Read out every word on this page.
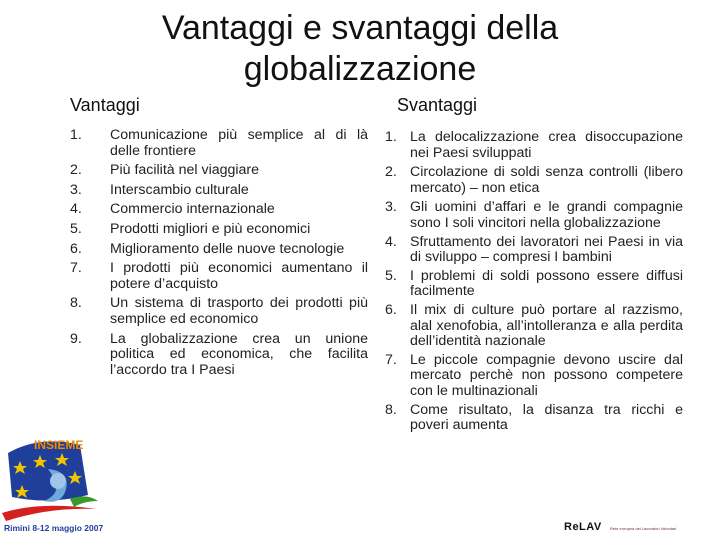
Vantaggi e svantaggi della
globalizzazione
Vantaggi	Svantaggi
1. Comunicazione più semplice al di là delle frontiere
2. Più facilità nel viaggiare
3. Interscambio culturale
4. Commercio internazionale
5. Prodotti migliori e più economici
6. Miglioramento delle nuove tecnologie
7. I prodotti più economici aumentano il potere d’acquisto
8. Un sistema di trasporto dei prodotti più semplice ed economico
9. La globalizzazione crea un unione politica ed economica, che facilita l’accordo tra I Paesi
1. La delocalizzazione crea disoccupazione nei Paesi sviluppati
2. Circolazione di soldi senza controlli (libero mercato) – non etica
3. Gli uomini d’affari e le grandi compagnie sono I soli vincitori nella globalizzazione
4. Sfruttamento dei lavoratori nei Paesi in via di sviluppo – compresi I bambini
5. I problemi di soldi possono essere diffusi facilmente
6. Il mix di culture può portare al razzismo, alal xenofobia, all’intolleranza e alla perdita dell’identità nazionale
7. Le piccole compagnie devono uscire dal mercato perchè non possono competere con le multinazionali
8. Come risultato, la disanza tra ricchi e poveri aumenta
INSIEME
Rimini 8-12 maggio 2007	ReLAV Rete europea dei Lavoratori Volontari
